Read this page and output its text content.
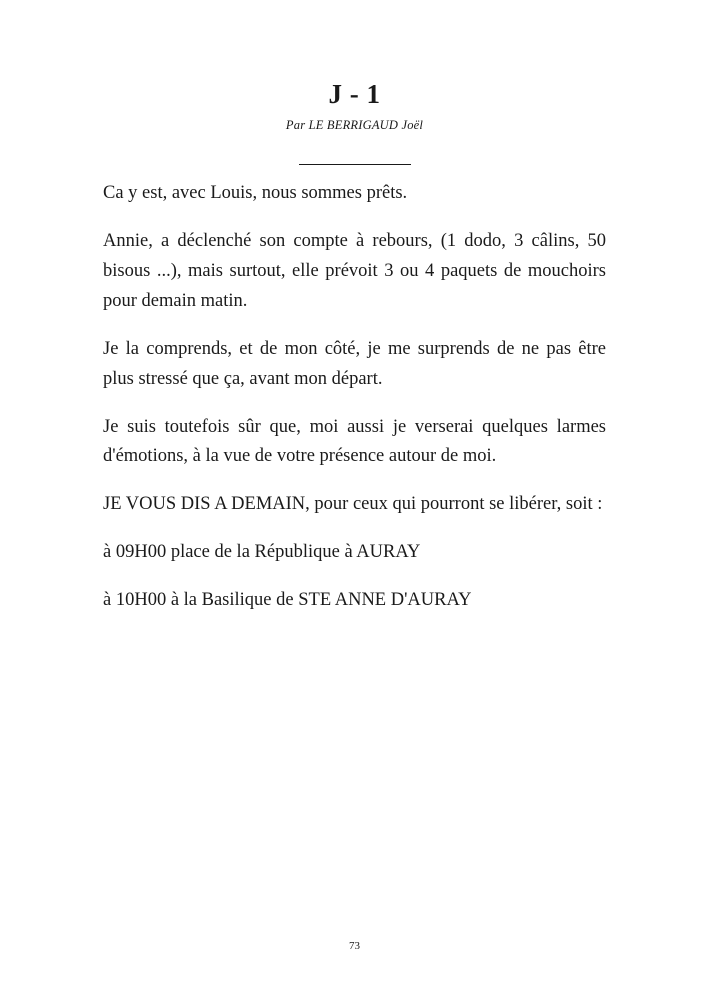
J - 1
Par LE BERRIGAUD Joël

Ca y est, avec Louis, nous sommes prêts.

Annie, a déclenché son compte à rebours, (1 dodo, 3 câlins, 50 bisous ...), mais surtout, elle prévoit 3 ou 4 paquets de mouchoirs pour demain matin.

Je la comprends, et de mon côté, je me surprends de ne pas être plus stressé que ça, avant mon départ.

Je suis toutefois sûr que, moi aussi je verserai quelques larmes d'émotions, à la vue de votre présence autour de moi.

JE VOUS DIS A DEMAIN, pour ceux qui pourront se libérer, soit :

à 09H00 place de la République à AURAY

à 10H00 à la Basilique de STE ANNE D'AURAY

73
